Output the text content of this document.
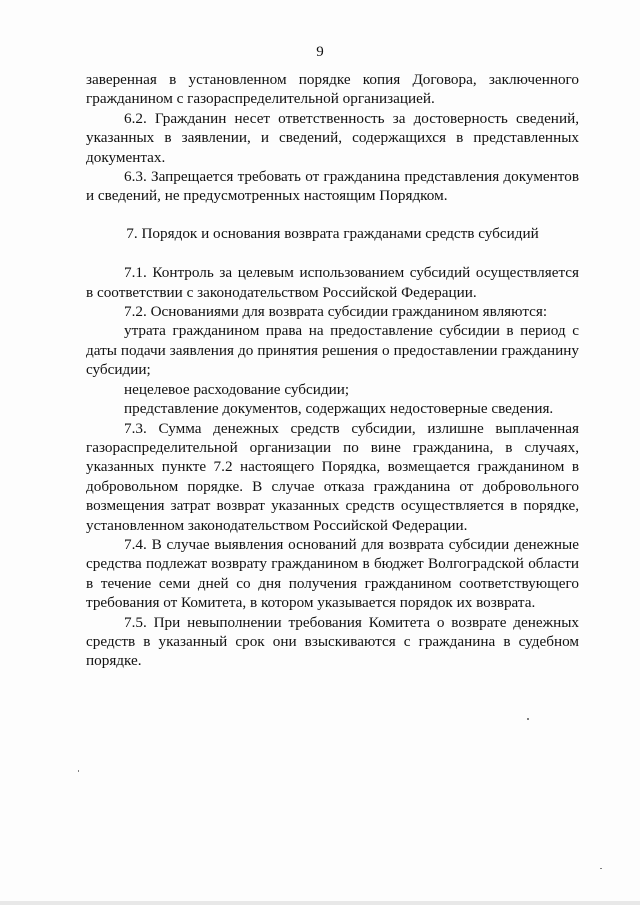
9

заверенная в установленном порядке копия Договора, заключенного гражданином с газораспределительной организацией.

6.2. Гражданин несет ответственность за достоверность сведений, указанных в заявлении, и сведений, содержащихся в представленных документах.

6.3. Запрещается требовать от гражданина представления документов и сведений, не предусмотренных настоящим Порядком.

7. Порядок и основания возврата гражданами средств субсидий

7.1. Контроль за целевым использованием субсидий осуществляется в соответствии с законодательством Российской Федерации.

7.2. Основаниями для возврата субсидии гражданином являются:

утрата гражданином права на предоставление субсидии в период с даты подачи заявления до принятия решения о предоставлении гражданину субсидии;

нецелевое расходование субсидии;

представление документов, содержащих недостоверные сведения.

7.3. Сумма денежных средств субсидии, излишне выплаченная газораспределительной организации по вине гражданина, в случаях, указанных пункте 7.2 настоящего Порядка, возмещается гражданином в добровольном порядке. В случае отказа гражданина от добровольного возмещения затрат возврат указанных средств осуществляется в порядке, установленном законодательством Российской Федерации.

7.4. В случае выявления оснований для возврата субсидии денежные средства подлежат возврату гражданином в бюджет Волгоградской области в течение семи дней со дня получения гражданином соответствующего требования от Комитета, в котором указывается порядок их возврата.

7.5. При невыполнении требования Комитета о возврате денежных средств в указанный срок они взыскиваются с гражданина в судебном порядке.
